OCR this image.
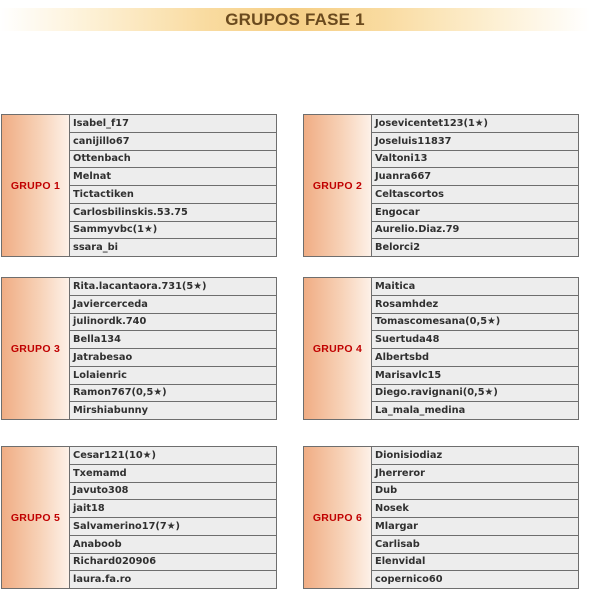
GRUPOS FASE 1
GRUPO 1
Isabel_f17
canijillo67
Ottenbach
Melnat
Tictactiken
Carlosbilinskis.53.75
Sammyvbc(1★)
ssara_bi
GRUPO 2
Josevicentet123(1★)
Joseluis11837
Valtoni13
Juanra667
Celtascortos
Engocar
Aurelio.Diaz.79
Belorci2
GRUPO 3
Rita.lacantaora.731(5★)
Javiercerceda
julinordk.740
Bella134
Jatrabesao
Lolaienric
Ramon767(0,5★)
Mirshiabunny
GRUPO 4
Maitica
Rosamhdez
Tomascomesana(0,5★)
Suertuda48
Albertsbd
Marisavlc15
Diego.ravignani(0,5★)
La_mala_medina
GRUPO 5
Cesar121(10★)
Txemamd
Javuto308
jait18
Salvamerino17(7★)
Anaboob
Richard020906
laura.fa.ro
GRUPO 6
Dionisiodiaz
Jherreror
Dub
Nosek
Mlargar
Carlisab
Elenvidal
copernico60
